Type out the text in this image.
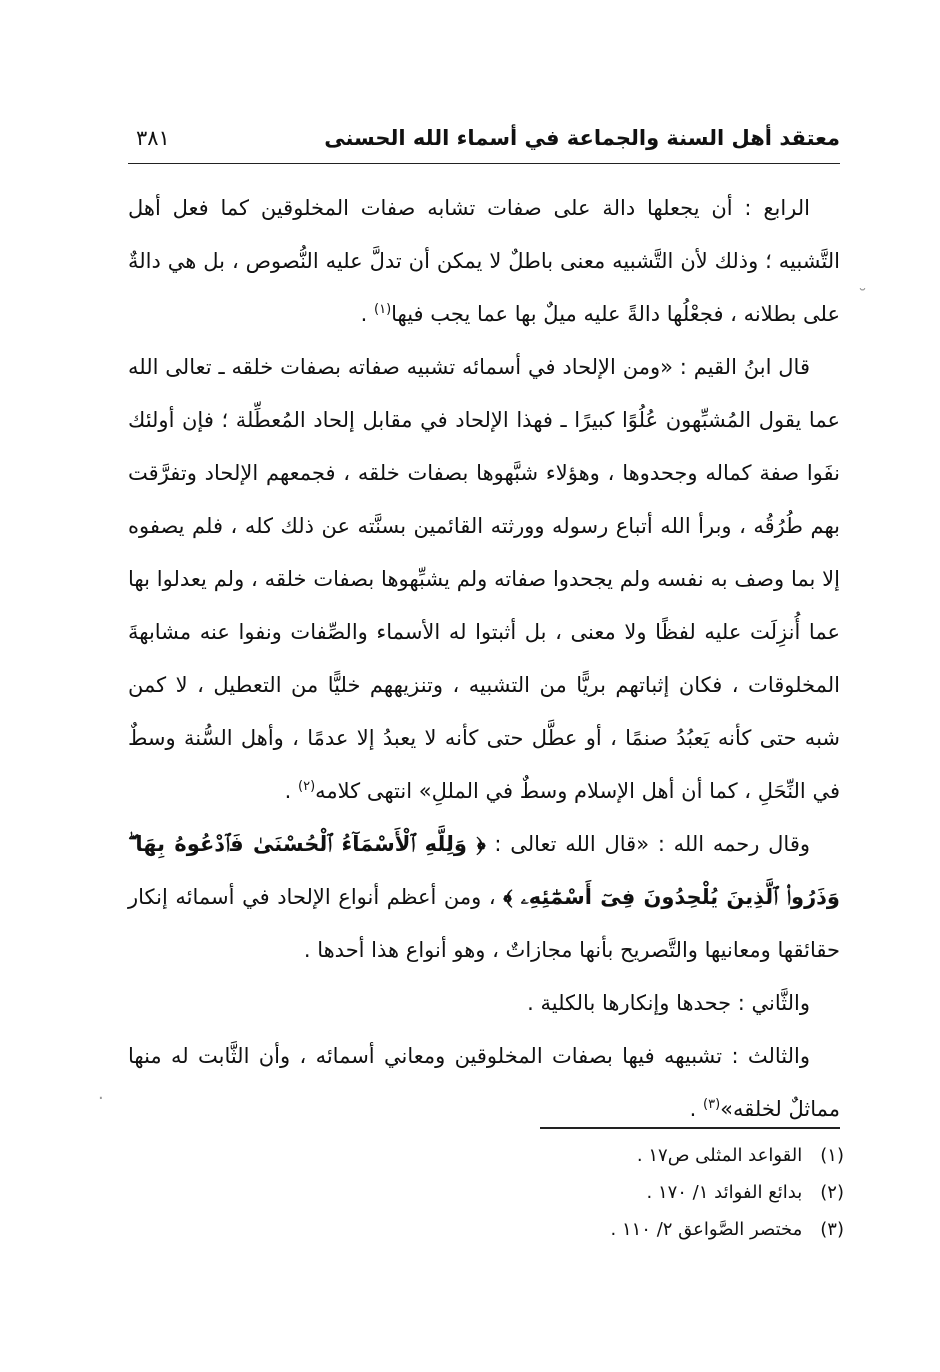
معتقد أهل السنة والجماعة في أسماء الله الحسنى
٣٨١

الرابع : أن يجعلها دالة على صفات تشابه صفات المخلوقين كما فعل أهل التَّشبيه ؛ وذلك لأن التَّشبيه معنى باطلٌ لا يمكن أن تدلَّ عليه النُّصوص ، بل هي دالةٌ على بطلانه ، فجعْلُها دالةً عليه ميلٌ بها عما يجب فيها$^{(١)}$ .

قال ابنُ القيم : «ومن الإلحاد في أسمائه تشبيه صفاته بصفات خلقه ـ تعالى الله عما يقول المُشبِّهون عُلُوًا كبيرًا ـ فهذا الإلحاد في مقابل إلحاد المُعطِّلة ؛ فإن أولئك نفَوا صفة كماله وجحدوها ، وهؤلاء شبَّهوها بصفات خلقه ، فجمعهم الإلحاد وتفرَّقت بهم طُرُقُه ، وبرأ الله أتباع رسوله وورثته القائمين بسنَّته عن ذلك كله ، فلم يصفوه إلا بما وصف به نفسه ولم يجحدوا صفاته ولم يشبِّهوها بصفات خلقه ، ولم يعدلوا بها عما أُنزِلَت عليه لفظًا ولا معنى ، بل أثبتوا له الأسماء والصِّفات ونفوا عنه مشابهةَ المخلوقات ، فكان إثباتهم بريًّا من التشبيه ، وتنزيههم خليًّا من التعطيل ، لا كمن شبه حتى كأنه يَعبُدُ صنمًا ، أو عطَّل حتى كأنه لا يعبدُ إلا عدمًا ، وأهل السُّنة وسطٌ في النِّحَلِ ، كما أن أهل الإسلام وسطٌ في المللِ» انتهى كلامه$^{(٢)}$ .

وقال رحمه الله : «قال الله تعالى : ﴿ وَلِلَّهِ ٱلْأَسْمَآءُ ٱلْحُسْنَىٰ فَٱدْعُوهُ بِهَا ۖ وَذَرُوا۟ ٱلَّذِينَ يُلْحِدُونَ فِىٓ أَسْمَٰٓئِهِۦ ﴾ ، ومن أعظم أنواع الإلحاد في أسمائه إنكار حقائقها ومعانيها والتَّصريح بأنها مجازاتٌ ، وهو أنواع هذا أحدها .

والثَّاني : جحدها وإنكارها بالكلية .

والثالث : تشبيهه فيها بصفات المخلوقين ومعاني أسمائه ، وأن الثَّابت له منها مماثلٌ لخلقه»$^{(٣)}$ .

(١) القواعد المثلى ص١٧ .
(٢) بدائع الفوائد ١/ ١٧٠ .
(٣) مختصر الصَّواعق ٢/ ١١٠ .
˘
·
